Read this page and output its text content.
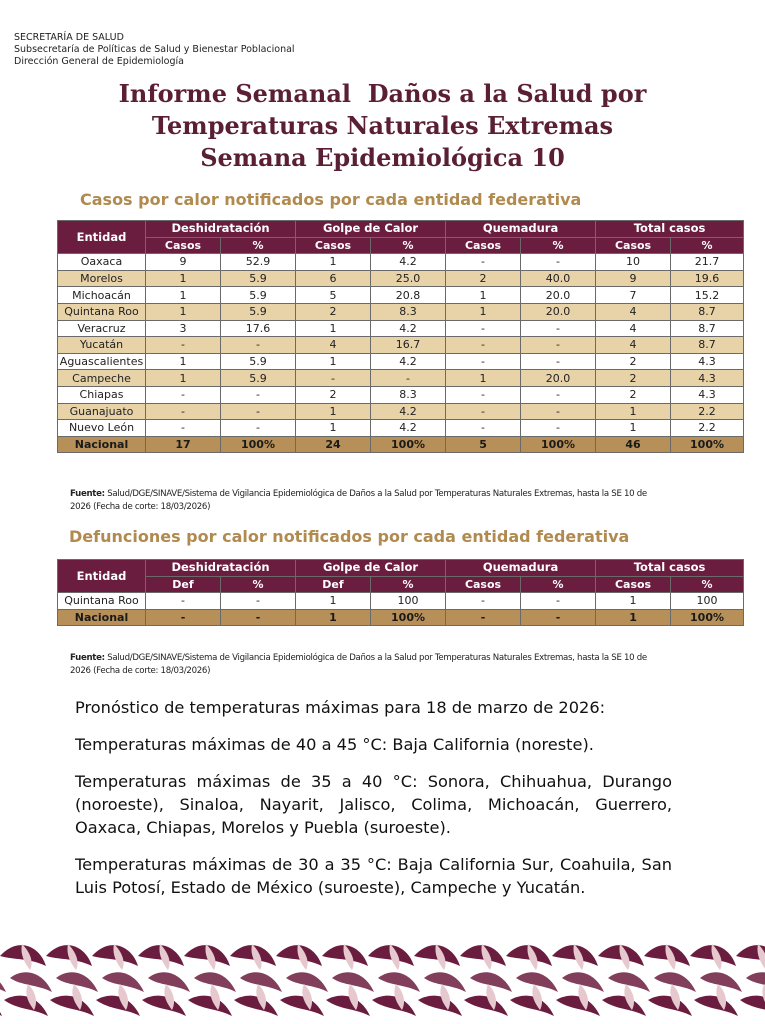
SECRETARÍA DE SALUD
Subsecretaría de Políticas de Salud y Bienestar Poblacional
Dirección General de Epidemiología
Informe Semanal  Daños a la Salud por
Temperaturas Naturales Extremas
Semana Epidemiológica 10
Casos por calor notificados por cada entidad federativa
Entidad	Deshidratación		Golpe de Calor		Quemadura		Total casos	
	Casos	%	Casos	%	Casos	%	Casos	%
Oaxaca	9	52.9	1	4.2	-	-	10	21.7
Morelos	1	5.9	6	25.0	2	40.0	9	19.6
Michoacán	1	5.9	5	20.8	1	20.0	7	15.2
Quintana Roo	1	5.9	2	8.3	1	20.0	4	8.7
Veracruz	3	17.6	1	4.2	-	-	4	8.7
Yucatán	-	-	4	16.7	-	-	4	8.7
Aguascalientes	1	5.9	1	4.2	-	-	2	4.3
Campeche	1	5.9	-	-	1	20.0	2	4.3
Chiapas	-	-	2	8.3	-	-	2	4.3
Guanajuato	-	-	1	4.2	-	-	1	2.2
Nuevo León	-	-	1	4.2	-	-	1	2.2
Nacional	17	100%	24	100%	5	100%	46	100%
Fuente: Salud/DGE/SINAVE/Sistema de Vigilancia Epidemiológica de Daños a la Salud por Temperaturas Naturales Extremas, hasta la SE 10 de
2026 (Fecha de corte: 18/03/2026)
Defunciones por calor notificados por cada entidad federativa
Entidad	Deshidratación		Golpe de Calor		Quemadura		Total casos	
	Def	%	Def	%	Casos	%	Casos	%
Quintana Roo	-	-	1	100	-	-	1	100
Nacional	-	-	1	100%	-	-	1	100%
Fuente: Salud/DGE/SINAVE/Sistema de Vigilancia Epidemiológica de Daños a la Salud por Temperaturas Naturales Extremas, hasta la SE 10 de
2026 (Fecha de corte: 18/03/2026)

Pronóstico de temperaturas máximas para 18 de marzo de 2026:

Temperaturas máximas de 40 a 45 °C: Baja California (noreste).

Temperaturas máximas de 35 a 40 °C: Sonora, Chihuahua, Durango (noroeste), Sinaloa, Nayarit, Jalisco, Colima, Michoacán, Guerrero, Oaxaca, Chiapas, Morelos y Puebla (suroeste).

Temperaturas máximas de 30 a 35 °C: Baja California Sur, Coahuila, San Luis Potosí, Estado de México (suroeste), Campeche y Yucatán.
